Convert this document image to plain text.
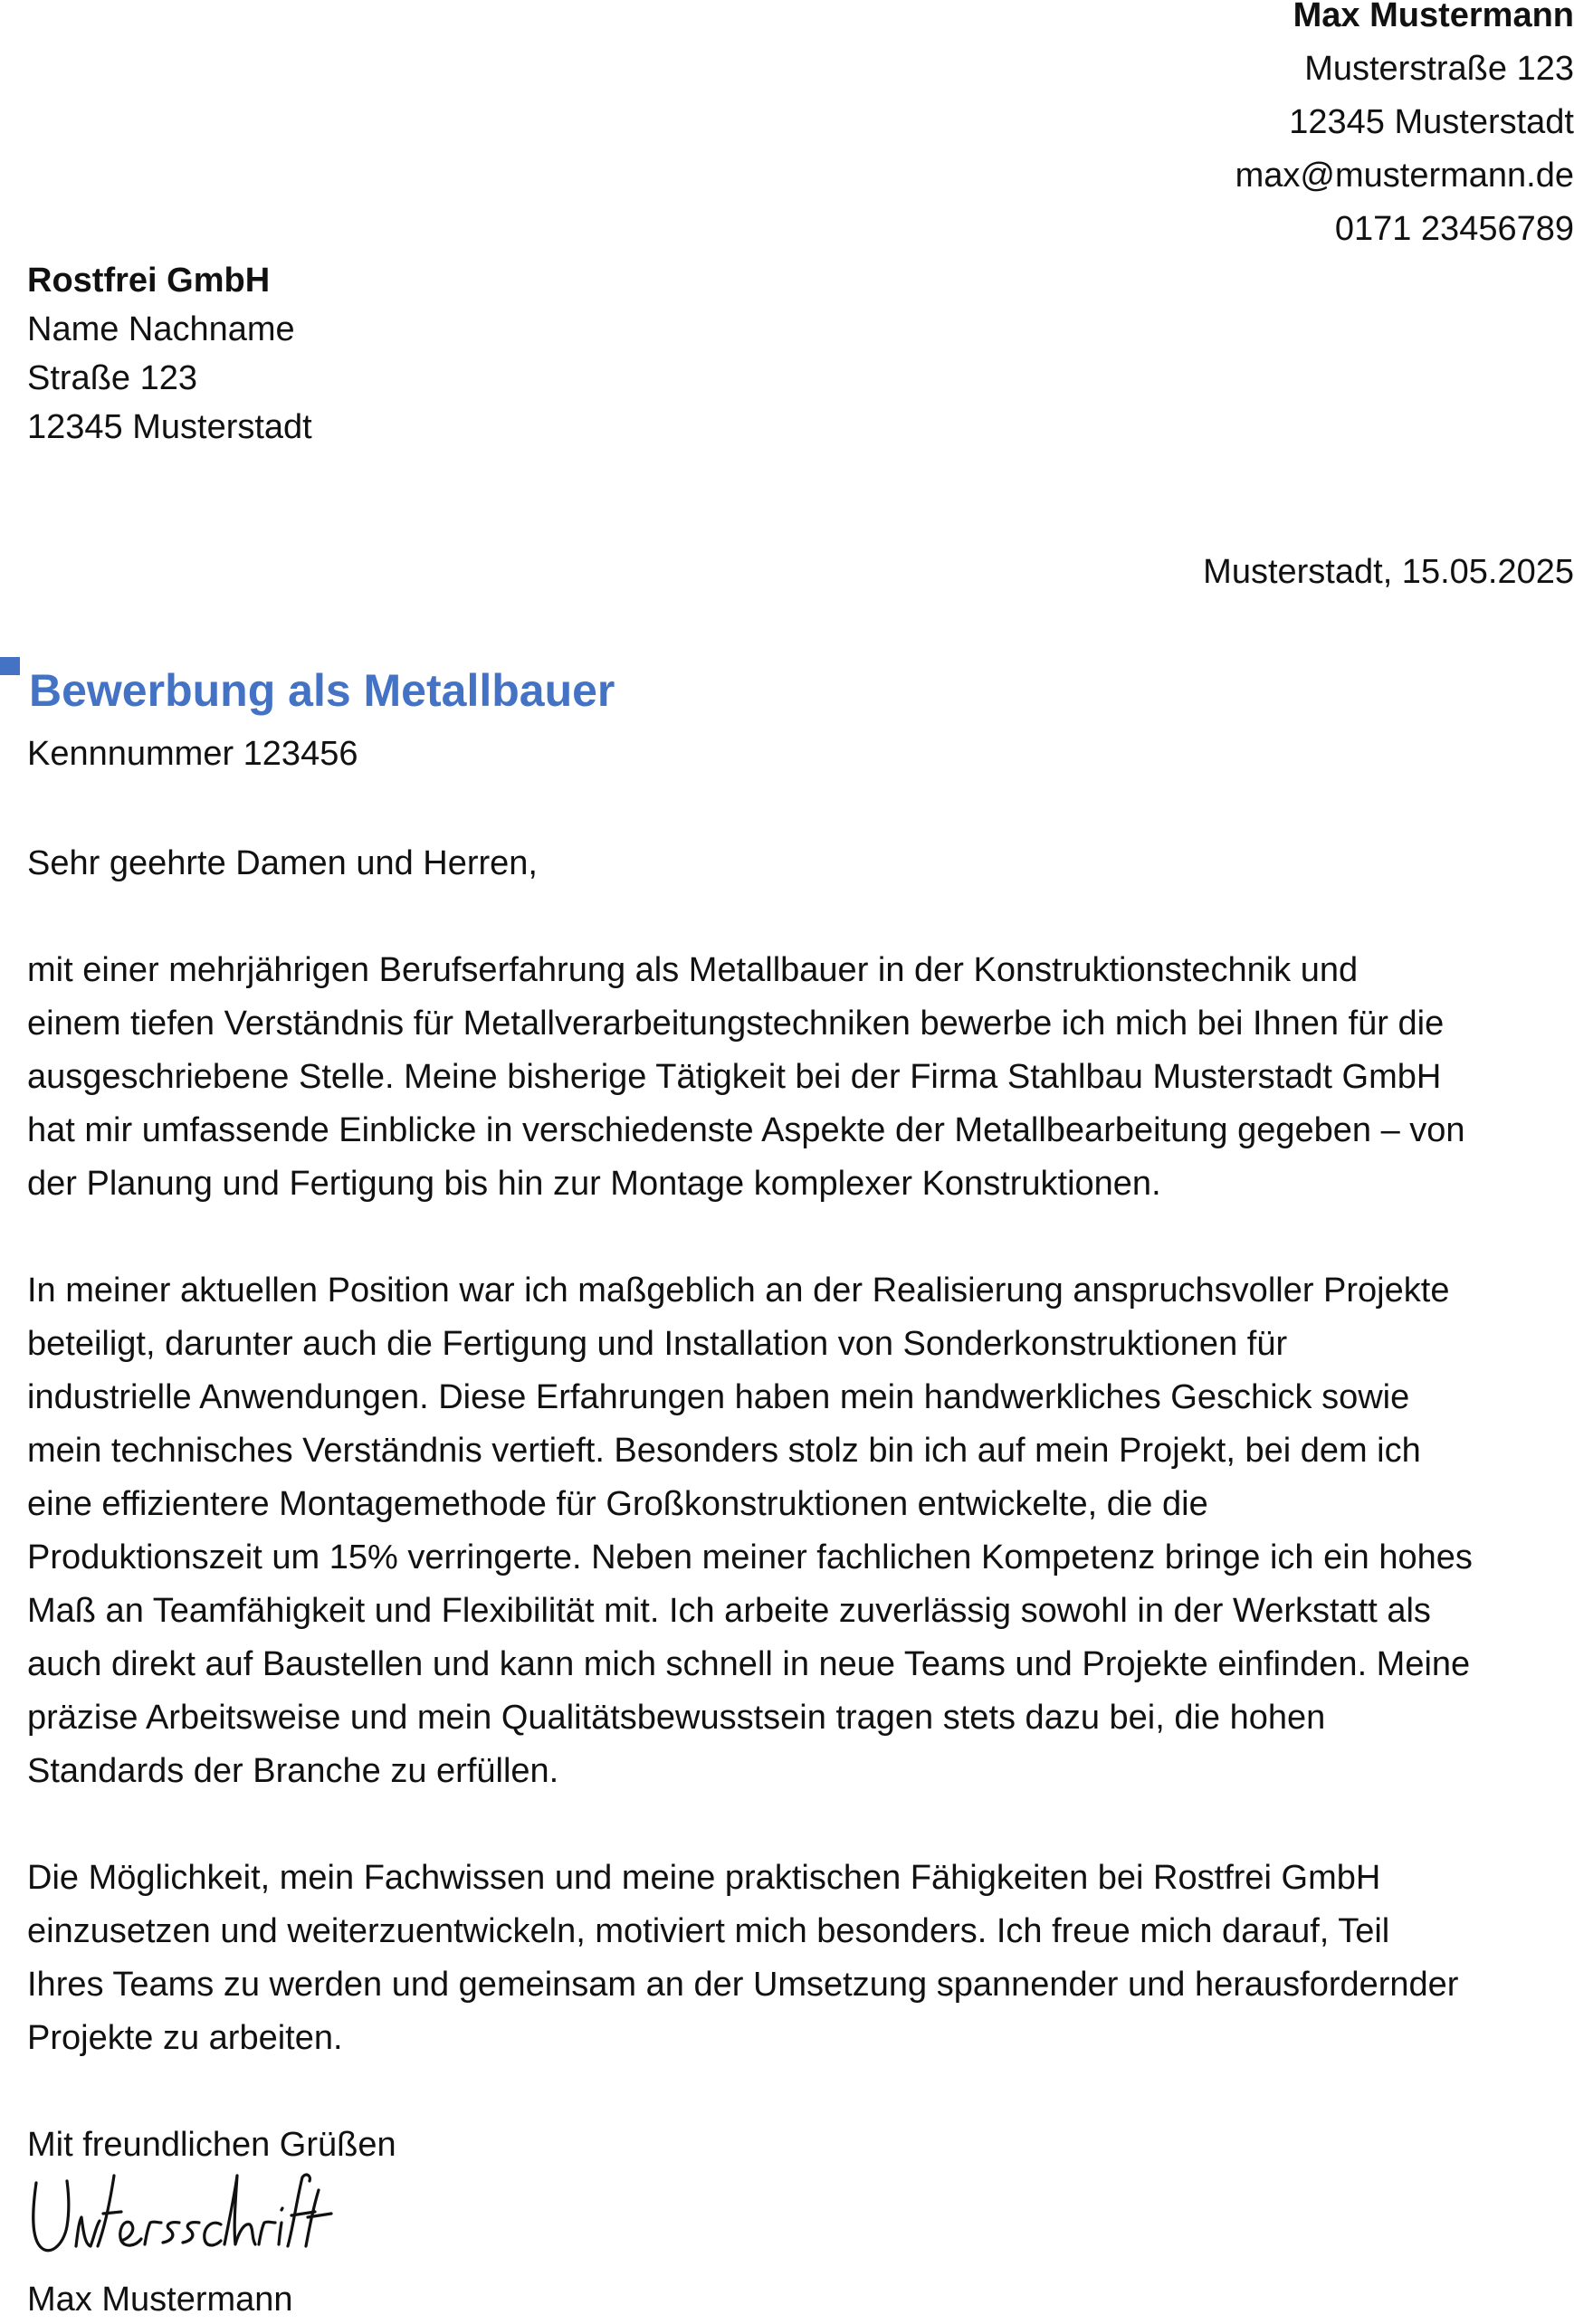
Max Mustermann
Musterstraße 123
12345 Musterstadt
max@mustermann.de
0171 23456789
Rostfrei GmbH
Name Nachname
Straße 123
12345 Musterstadt
Musterstadt, 15.05.2025
Bewerbung als Metallbauer
Kennnummer 123456

Sehr geehrte Damen und Herren,

mit einer mehrjährigen Berufserfahrung als Metallbauer in der Konstruktionstechnik und
einem tiefen Verständnis für Metallverarbeitungstechniken bewerbe ich mich bei Ihnen für die
ausgeschriebene Stelle. Meine bisherige Tätigkeit bei der Firma Stahlbau Musterstadt GmbH
hat mir umfassende Einblicke in verschiedenste Aspekte der Metallbearbeitung gegeben – von
der Planung und Fertigung bis hin zur Montage komplexer Konstruktionen.

In meiner aktuellen Position war ich maßgeblich an der Realisierung anspruchsvoller Projekte
beteiligt, darunter auch die Fertigung und Installation von Sonderkonstruktionen für
industrielle Anwendungen. Diese Erfahrungen haben mein handwerkliches Geschick sowie
mein technisches Verständnis vertieft. Besonders stolz bin ich auf mein Projekt, bei dem ich
eine effizientere Montagemethode für Großkonstruktionen entwickelte, die die
Produktionszeit um 15% verringerte. Neben meiner fachlichen Kompetenz bringe ich ein hohes
Maß an Teamfähigkeit und Flexibilität mit. Ich arbeite zuverlässig sowohl in der Werkstatt als
auch direkt auf Baustellen und kann mich schnell in neue Teams und Projekte einfinden. Meine
präzise Arbeitsweise und mein Qualitätsbewusstsein tragen stets dazu bei, die hohen
Standards der Branche zu erfüllen.

Die Möglichkeit, mein Fachwissen und meine praktischen Fähigkeiten bei Rostfrei GmbH
einzusetzen und weiterzuentwickeln, motiviert mich besonders. Ich freue mich darauf, Teil
Ihres Teams zu werden und gemeinsam an der Umsetzung spannender und herausfordernder
Projekte zu arbeiten.

Mit freundlichen Grüßen

Max Mustermann
